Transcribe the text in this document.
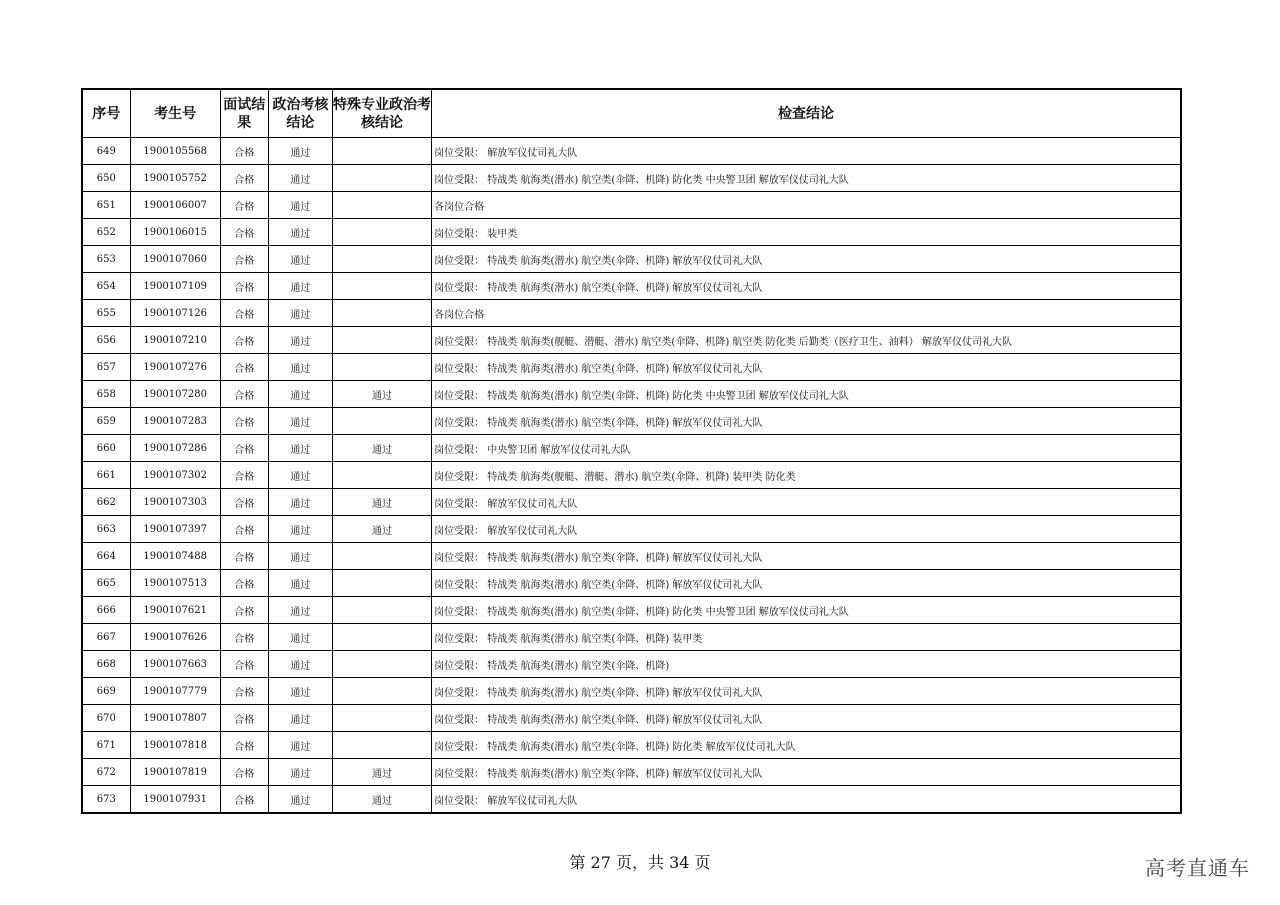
序号	考生号	面试结果	政治考核结论	特殊专业政治考核结论	检查结论
649	1900105568	合格	通过		岗位受限： 解放军仪仗司礼大队
650	1900105752	合格	通过		岗位受限： 特战类 航海类(潜水) 航空类(伞降、机降) 防化类 中央警卫团 解放军仪仗司礼大队
651	1900106007	合格	通过		各岗位合格
652	1900106015	合格	通过		岗位受限： 装甲类
653	1900107060	合格	通过		岗位受限： 特战类 航海类(潜水) 航空类(伞降、机降) 解放军仪仗司礼大队
654	1900107109	合格	通过		岗位受限： 特战类 航海类(潜水) 航空类(伞降、机降) 解放军仪仗司礼大队
655	1900107126	合格	通过		各岗位合格
656	1900107210	合格	通过		岗位受限： 特战类 航海类(舰艇、潜艇、潜水) 航空类(伞降、机降) 航空类 防化类 后勤类（医疗卫生、油料） 解放军仪仗司礼大队
657	1900107276	合格	通过		岗位受限： 特战类 航海类(潜水) 航空类(伞降、机降) 解放军仪仗司礼大队
658	1900107280	合格	通过	通过	岗位受限： 特战类 航海类(潜水) 航空类(伞降、机降) 防化类 中央警卫团 解放军仪仗司礼大队
659	1900107283	合格	通过		岗位受限： 特战类 航海类(潜水) 航空类(伞降、机降) 解放军仪仗司礼大队
660	1900107286	合格	通过	通过	岗位受限： 中央警卫团 解放军仪仗司礼大队
661	1900107302	合格	通过		岗位受限： 特战类 航海类(舰艇、潜艇、潜水) 航空类(伞降、机降) 装甲类 防化类
662	1900107303	合格	通过	通过	岗位受限： 解放军仪仗司礼大队
663	1900107397	合格	通过	通过	岗位受限： 解放军仪仗司礼大队
664	1900107488	合格	通过		岗位受限： 特战类 航海类(潜水) 航空类(伞降、机降) 解放军仪仗司礼大队
665	1900107513	合格	通过		岗位受限： 特战类 航海类(潜水) 航空类(伞降、机降) 解放军仪仗司礼大队
666	1900107621	合格	通过		岗位受限： 特战类 航海类(潜水) 航空类(伞降、机降) 防化类 中央警卫团 解放军仪仗司礼大队
667	1900107626	合格	通过		岗位受限： 特战类 航海类(潜水) 航空类(伞降、机降) 装甲类
668	1900107663	合格	通过		岗位受限： 特战类 航海类(潜水) 航空类(伞降、机降)
669	1900107779	合格	通过		岗位受限： 特战类 航海类(潜水) 航空类(伞降、机降) 解放军仪仗司礼大队
670	1900107807	合格	通过		岗位受限： 特战类 航海类(潜水) 航空类(伞降、机降) 解放军仪仗司礼大队
671	1900107818	合格	通过		岗位受限： 特战类 航海类(潜水) 航空类(伞降、机降) 防化类 解放军仪仗司礼大队
672	1900107819	合格	通过	通过	岗位受限： 特战类 航海类(潜水) 航空类(伞降、机降) 解放军仪仗司礼大队
673	1900107931	合格	通过	通过	岗位受限： 解放军仪仗司礼大队
第 27 页，共 34 页	高考直通车
